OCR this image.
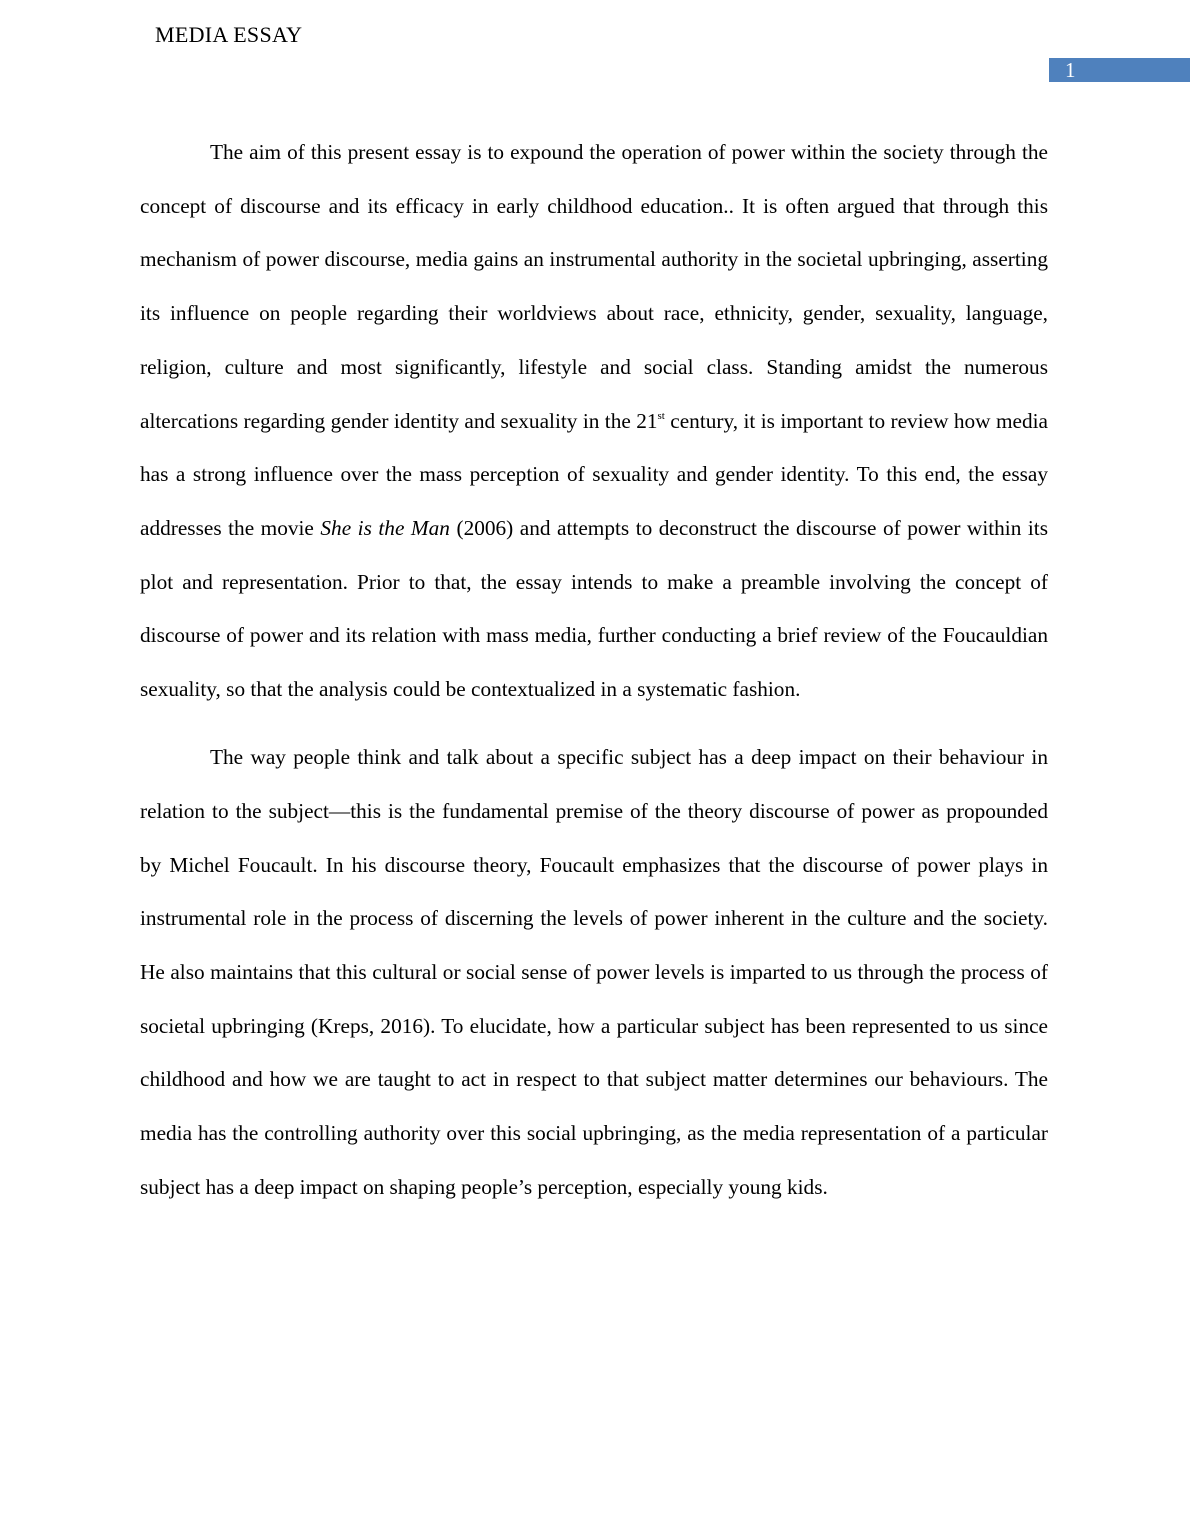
MEDIA ESSAY
1

The aim of this present essay is to expound the operation of power within the society through the concept of discourse and its efficacy in early childhood education.. It is often argued that through this mechanism of power discourse, media gains an instrumental authority in the societal upbringing, asserting its influence on people regarding their worldviews about race, ethnicity, gender, sexuality, language, religion, culture and most significantly, lifestyle and social class. Standing amidst the numerous altercations regarding gender identity and sexuality in the 21st century, it is important to review how media has a strong influence over the mass perception of sexuality and gender identity. To this end, the essay addresses the movie She is the Man (2006) and attempts to deconstruct the discourse of power within its plot and representation. Prior to that, the essay intends to make a preamble involving the concept of discourse of power and its relation with mass media, further conducting a brief review of the Foucauldian sexuality, so that the analysis could be contextualized in a systematic fashion.

The way people think and talk about a specific subject has a deep impact on their behaviour in relation to the subject—this is the fundamental premise of the theory discourse of power as propounded by Michel Foucault. In his discourse theory, Foucault emphasizes that the discourse of power plays in instrumental role in the process of discerning the levels of power inherent in the culture and the society. He also maintains that this cultural or social sense of power levels is imparted to us through the process of societal upbringing (Kreps, 2016). To elucidate, how a particular subject has been represented to us since childhood and how we are taught to act in respect to that subject matter determines our behaviours. The media has the controlling authority over this social upbringing, as the media representation of a particular subject has a deep impact on shaping people’s perception, especially young kids.
